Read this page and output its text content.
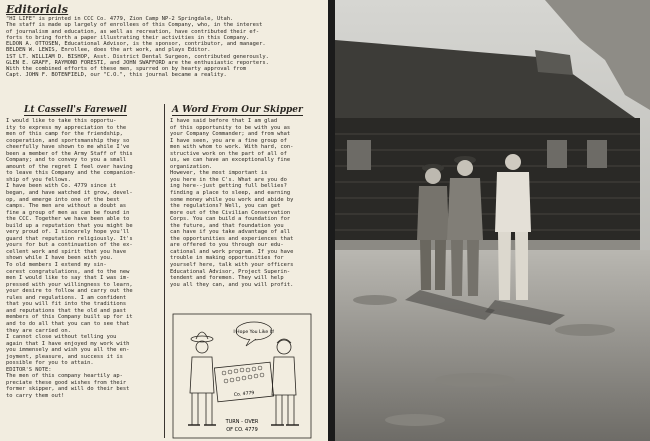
Editorials
"HI LIFE" is printed in CCC Co. 4779, Zion Camp NP-2 Springdale, Utah.
The staff is made up largely of enrollees of this Company, who, in the interest
of journalism and education, as well as recreation, have contributed their ef-
forts to bring forth a paper illustrating their activities in this Company.
ELDON A. OTTOSEN, Educational Advisor, is the sponsor, contributor, and manager.
BELDEN W. LEWIS, Enrollee, does the art work, and plays Editor.
1ST LT. WILLIAM D. BISHOP, Asst. District Dental Surgeon, contributed generously.
GLEN E. GRAFF, RAYMOND FORESTI, and JOHN SWAFFORD are the enthusiastic reporters.
With the combined efforts of these men, spurred on by hearty approval from
Capt. JOHN F. BOTENFIELD, our "C.O.", this journal became a reality.
Lt Cassell's Farewell	A Word From Our Skipper
I would like to take this opportu-
ity to express my appreciation to the
men of this camp for the friendship,
cooperation, and sportsmanship they so
cheerfully have shown to me while I've
been a member of the Army Staff of this
Company; and to convey to you a small
amount of the regret I feel over having
to leave this Company and the companion-
ship of you fellows.
I have been with Co. 4779 since it
began, and have watched it grow, devel-
op, and emerge into one of the best
camps. The men are without a doubt as
fine a group of men as can be found in
the CCC. Together we have been able to
build up a reputation that you might be
very proud of. I sincerely hope you'll
guard that reputation religiously. It's
yours for but a continuation of the ex-
cellent work and spirit that you have
shown while I have been with you.
To old members I extend my sin-
cerest congratulations, and to the new
men I would like to say that I was im-
pressed with your willingness to learn,
your desire to follow and carry out the
rules and regulations. I am confident
that you will fit into the traditions
and reputations that the old and past
members of this Company built up for it
and to do all that you can to see that
they are carried on.
I cannot close without telling you
again that I have enjoyed my work with
you immensely and wish you all the en-
joyment, pleasure, and success it is
possible for you to attain.
EDITOR'S NOTE:
The men of this company heartily ap-
preciate these good wishes from their
former skipper, and will do their best
to carry them out!
I have said before that I am glad
of this opportunity to be with you as
your Company Commander; and from what
I have seen, you are a fine group of
men with whom to work. With hard, con-
structive work on the part of all of
us, we can have an exceptionally fine
organization.
However, the most important is
you here in the C's. What are you do
ing here--just getting full bellies?
finding a place to sleep, and earning
some money while you work and abide by
the regulations? Well, you can get
more out of the Civilian Conservation
Corps. You can build a foundation for
the future, and that foundation you
can have if you take advantage of all
the opportunities and experiences that
are offered to you through our edu-
cational and work program. If you have
trouble in making opportunities for
yourself here, talk with your officers
Educational Advisor, Project Superin-
tendent and foremen. They will help
you all they can, and you will profit.
I Hope You Like It!
Co. 4779
TURN - OVER
OF CO. 4779
